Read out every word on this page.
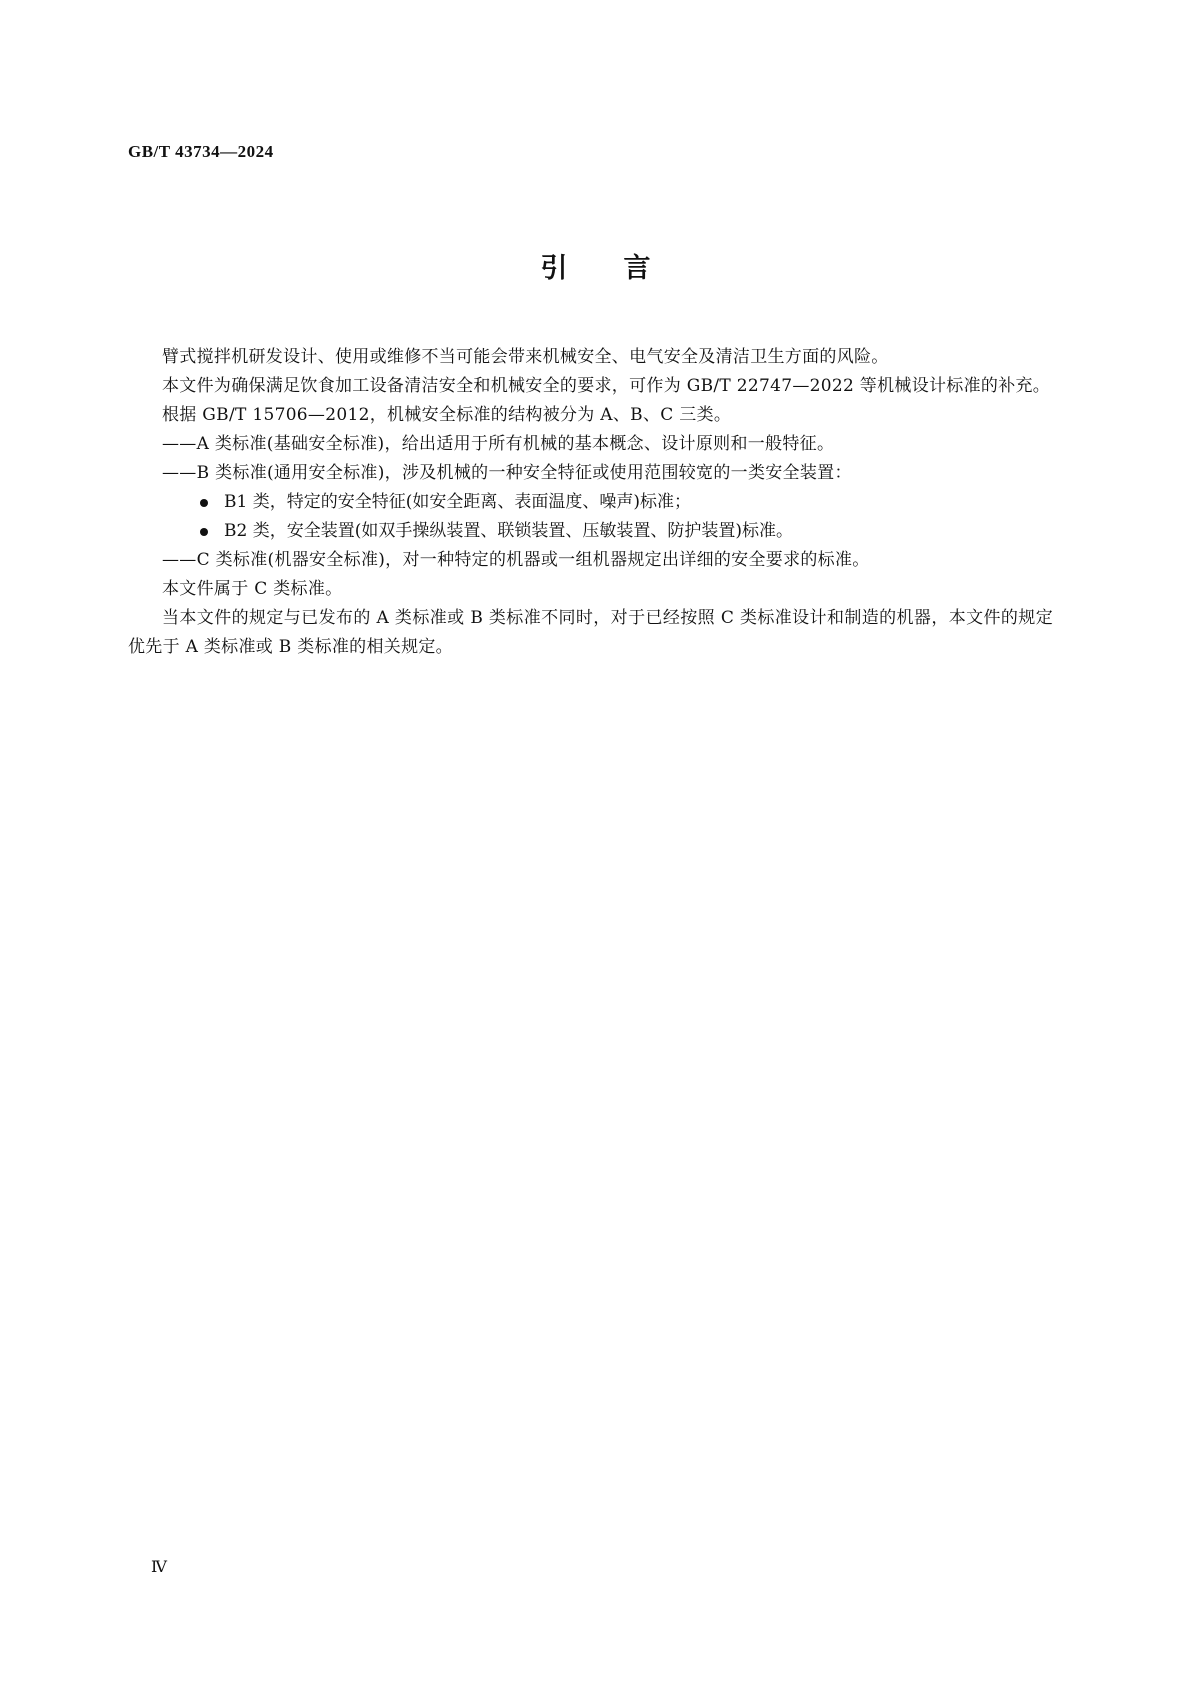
GB/T 43734—2024
引言

臂式搅拌机研发设计、使用或维修不当可能会带来机械安全、电气安全及清洁卫生方面的风险。

本文件为确保满足饮食加工设备清洁安全和机械安全的要求，可作为 GB/T 22747—2022 等机械设计标准的补充。

根据 GB/T 15706—2012，机械安全标准的结构被分为 A、B、C 三类。

——A 类标准(基础安全标准)，给出适用于所有机械的基本概念、设计原则和一般特征。

——B 类标准(通用安全标准)，涉及机械的一种安全特征或使用范围较宽的一类安全装置：

B1 类，特定的安全特征(如安全距离、表面温度、噪声)标准；

B2 类，安全装置(如双手操纵装置、联锁装置、压敏装置、防护装置)标准。

——C 类标准(机器安全标准)，对一种特定的机器或一组机器规定出详细的安全要求的标准。

本文件属于 C 类标准。

当本文件的规定与已发布的 A 类标准或 B 类标准不同时，对于已经按照 C 类标准设计和制造的机器，本文件的规定优先于 A 类标准或 B 类标准的相关规定。

Ⅳ
